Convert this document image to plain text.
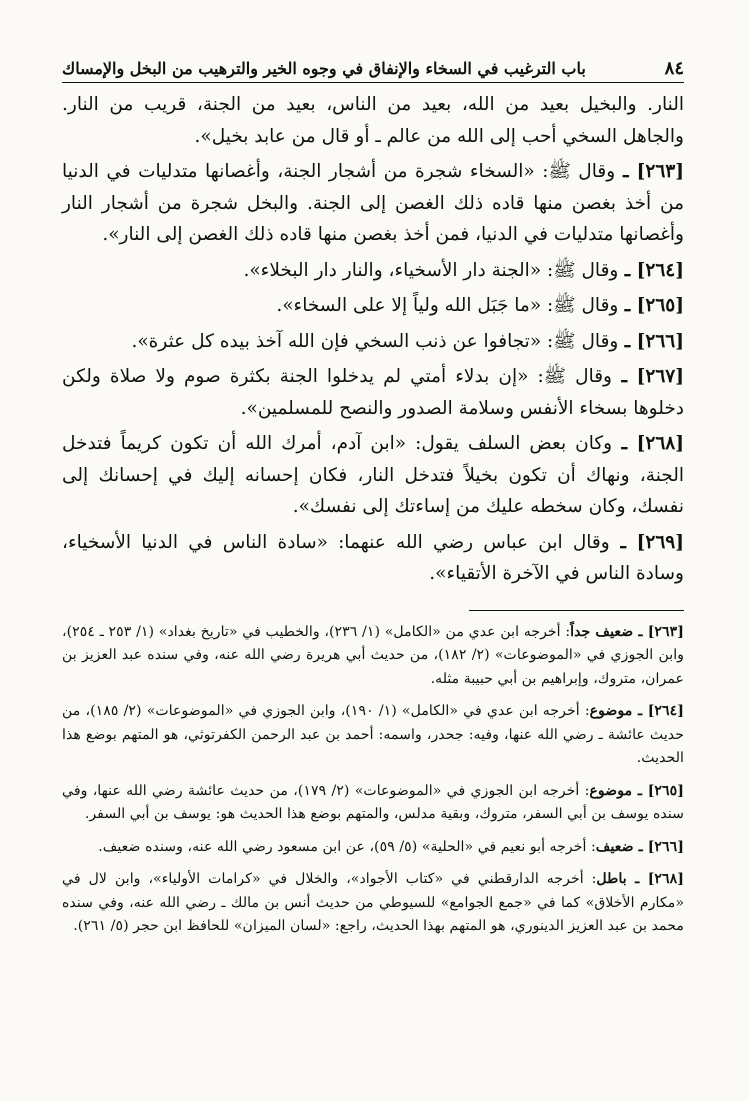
٨٤
باب الترغيب في السخاء والإنفاق في وجوه الخير والترهيب من البخل والإمساك

النار. والبخيل بعيد من الله، بعيد من الناس، بعيد من الجنة، قريب من النار. والجاهل السخي أحب إلى الله من عالم ـ أو قال من عابد بخيل».

[٢٦٣] ـ وقال ﷺ: «السخاء شجرة من أشجار الجنة، وأغصانها متدليات في الدنيا من أخذ بغصن منها قاده ذلك الغصن إلى الجنة. والبخل شجرة من أشجار النار وأغصانها متدليات في الدنيا، فمن أخذ بغصن منها قاده ذلك الغصن إلى النار».

[٢٦٤] ـ وقال ﷺ: «الجنة دار الأسخياء، والنار دار البخلاء».

[٢٦٥] ـ وقال ﷺ: «ما جَبَل الله ولياً إلا على السخاء».

[٢٦٦] ـ وقال ﷺ: «تجافوا عن ذنب السخي فإن الله آخذ بيده كل عثرة».

[٢٦٧] ـ وقال ﷺ: «إن بدلاء أمتي لم يدخلوا الجنة بكثرة صوم ولا صلاة ولكن دخلوها بسخاء الأنفس وسلامة الصدور والنصح للمسلمين».

[٢٦٨] ـ وكان بعض السلف يقول: «ابن آدم، أمرك الله أن تكون كريماً فتدخل الجنة، ونهاك أن تكون بخيلاً فتدخل النار، فكان إحسانه إليك في إحسانك إلى نفسك، وكان سخطه عليك من إساءتك إلى نفسك».

[٢٦٩] ـ وقال ابن عباس رضي الله عنهما: «سادة الناس في الدنيا الأسخياء، وسادة الناس في الآخرة الأتقياء».

[٢٦٣] ـ ضعيف جداً: أخرجه ابن عدي من «الكامل» (١/ ٢٣٦)، والخطيب في «تاريخ بغداد» (١/ ٢٥٣ ـ ٢٥٤)، وابن الجوزي في «الموضوعات» (٢/ ١٨٢)، من حديث أبي هريرة رضي الله عنه، وفي سنده عبد العزيز بن عمران، متروك، وإبراهيم بن أبي حبيبة مثله.

[٢٦٤] ـ موضوع: أخرجه ابن عدي في «الكامل» (١/ ١٩٠)، وابن الجوزي في «الموضوعات» (٢/ ١٨٥)، من حديث عائشة ـ رضي الله عنها، وفيه: جحدر، واسمه: أحمد بن عبد الرحمن الكفرتوثي، هو المتهم بوضع هذا الحديث.

[٢٦٥] ـ موضوع: أخرجه ابن الجوزي في «الموضوعات» (٢/ ١٧٩)، من حديث عائشة رضي الله عنها، وفي سنده يوسف بن أبي السفر، متروك، وبقية مدلس، والمتهم بوضع هذا الحديث هو: يوسف بن أبي السفر.

[٢٦٦] ـ ضعيف: أخرجه أبو نعيم في «الحلية» (٥/ ٥٩)، عن ابن مسعود رضي الله عنه، وسنده ضعيف.

[٢٦٨] ـ باطل: أخرجه الدارقطني في «كتاب الأجواد»، والخلال في «كرامات الأولياء»، وابن لال في «مكارم الأخلاق» كما في «جمع الجوامع» للسيوطي من حديث أنس بن مالك ـ رضي الله عنه، وفي سنده محمد بن عبد العزيز الدينوري، هو المتهم بهذا الحديث، راجع: «لسان الميزان» للحافظ ابن حجر (٥/ ٢٦١).
